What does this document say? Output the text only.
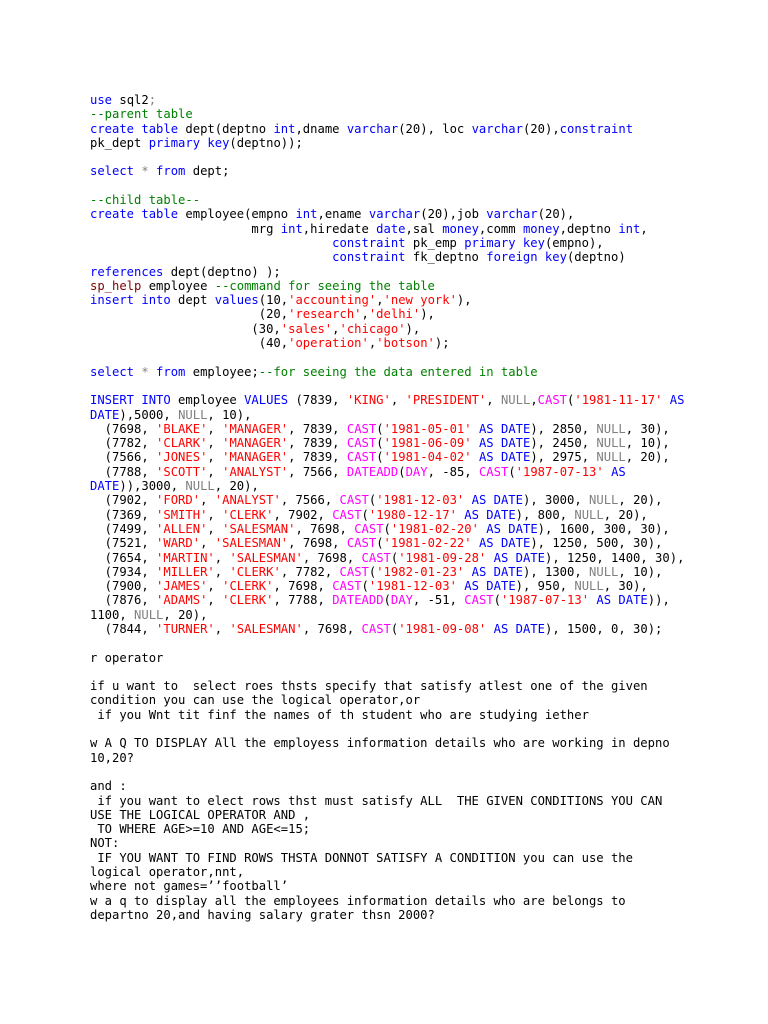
use sql2;
--parent table
create table dept(deptno int,dname varchar(20), loc varchar(20),constraint
pk_dept primary key(deptno));
select * from dept;
--child table--
create table employee(empno int,ename varchar(20),job varchar(20),
mrg int,hiredate date,sal money,comm money,deptno int,
constraint pk_emp primary key(empno),
constraint fk_deptno foreign key(deptno)
references dept(deptno) );
sp_help employee --command for seeing the table
insert into dept values(10,'accounting','new york'),
(20,'research','delhi'),
(30,'sales','chicago'),
(40,'operation','botson');
select * from employee;--for seeing the data entered in table
INSERT INTO employee VALUES (7839, 'KING', 'PRESIDENT', NULL,CAST('1981-11-17' AS
DATE),5000, NULL, 10),
(7698, 'BLAKE', 'MANAGER', 7839, CAST('1981-05-01' AS DATE), 2850, NULL, 30),
(7782, 'CLARK', 'MANAGER', 7839, CAST('1981-06-09' AS DATE), 2450, NULL, 10),
(7566, 'JONES', 'MANAGER', 7839, CAST('1981-04-02' AS DATE), 2975, NULL, 20),
(7788, 'SCOTT', 'ANALYST', 7566, DATEADD(DAY, -85, CAST('1987-07-13' AS
DATE)),3000, NULL, 20),
(7902, 'FORD', 'ANALYST', 7566, CAST('1981-12-03' AS DATE), 3000, NULL, 20),
(7369, 'SMITH', 'CLERK', 7902, CAST('1980-12-17' AS DATE), 800, NULL, 20),
(7499, 'ALLEN', 'SALESMAN', 7698, CAST('1981-02-20' AS DATE), 1600, 300, 30),
(7521, 'WARD', 'SALESMAN', 7698, CAST('1981-02-22' AS DATE), 1250, 500, 30),
(7654, 'MARTIN', 'SALESMAN', 7698, CAST('1981-09-28' AS DATE), 1250, 1400, 30),
(7934, 'MILLER', 'CLERK', 7782, CAST('1982-01-23' AS DATE), 1300, NULL, 10),
(7900, 'JAMES', 'CLERK', 7698, CAST('1981-12-03' AS DATE), 950, NULL, 30),
(7876, 'ADAMS', 'CLERK', 7788, DATEADD(DAY, -51, CAST('1987-07-13' AS DATE)),
1100, NULL, 20),
(7844, 'TURNER', 'SALESMAN', 7698, CAST('1981-09-08' AS DATE), 1500, 0, 30);
r operator
if u want to  select roes thsts specify that satisfy atlest one of the given
condition you can use the logical operator,or
if you Wnt tit finf the names of th student who are studying iether
w A Q TO DISPLAY All the employess information details who are working in depno
10,20?
and :
if you want to elect rows thst must satisfy ALL  THE GIVEN CONDITIONS YOU CAN
USE THE LOGICAL OPERATOR AND ,
TO WHERE AGE>=10 AND AGE<=15;
NOT:
IF YOU WANT TO FIND ROWS THSTA DONNOT SATISFY A CONDITION you can use the
logical operator,nnt,
where not games=’’football’
w a q to display all the employees information details who are belongs to
departno 20,and having salary grater thsn 2000?
